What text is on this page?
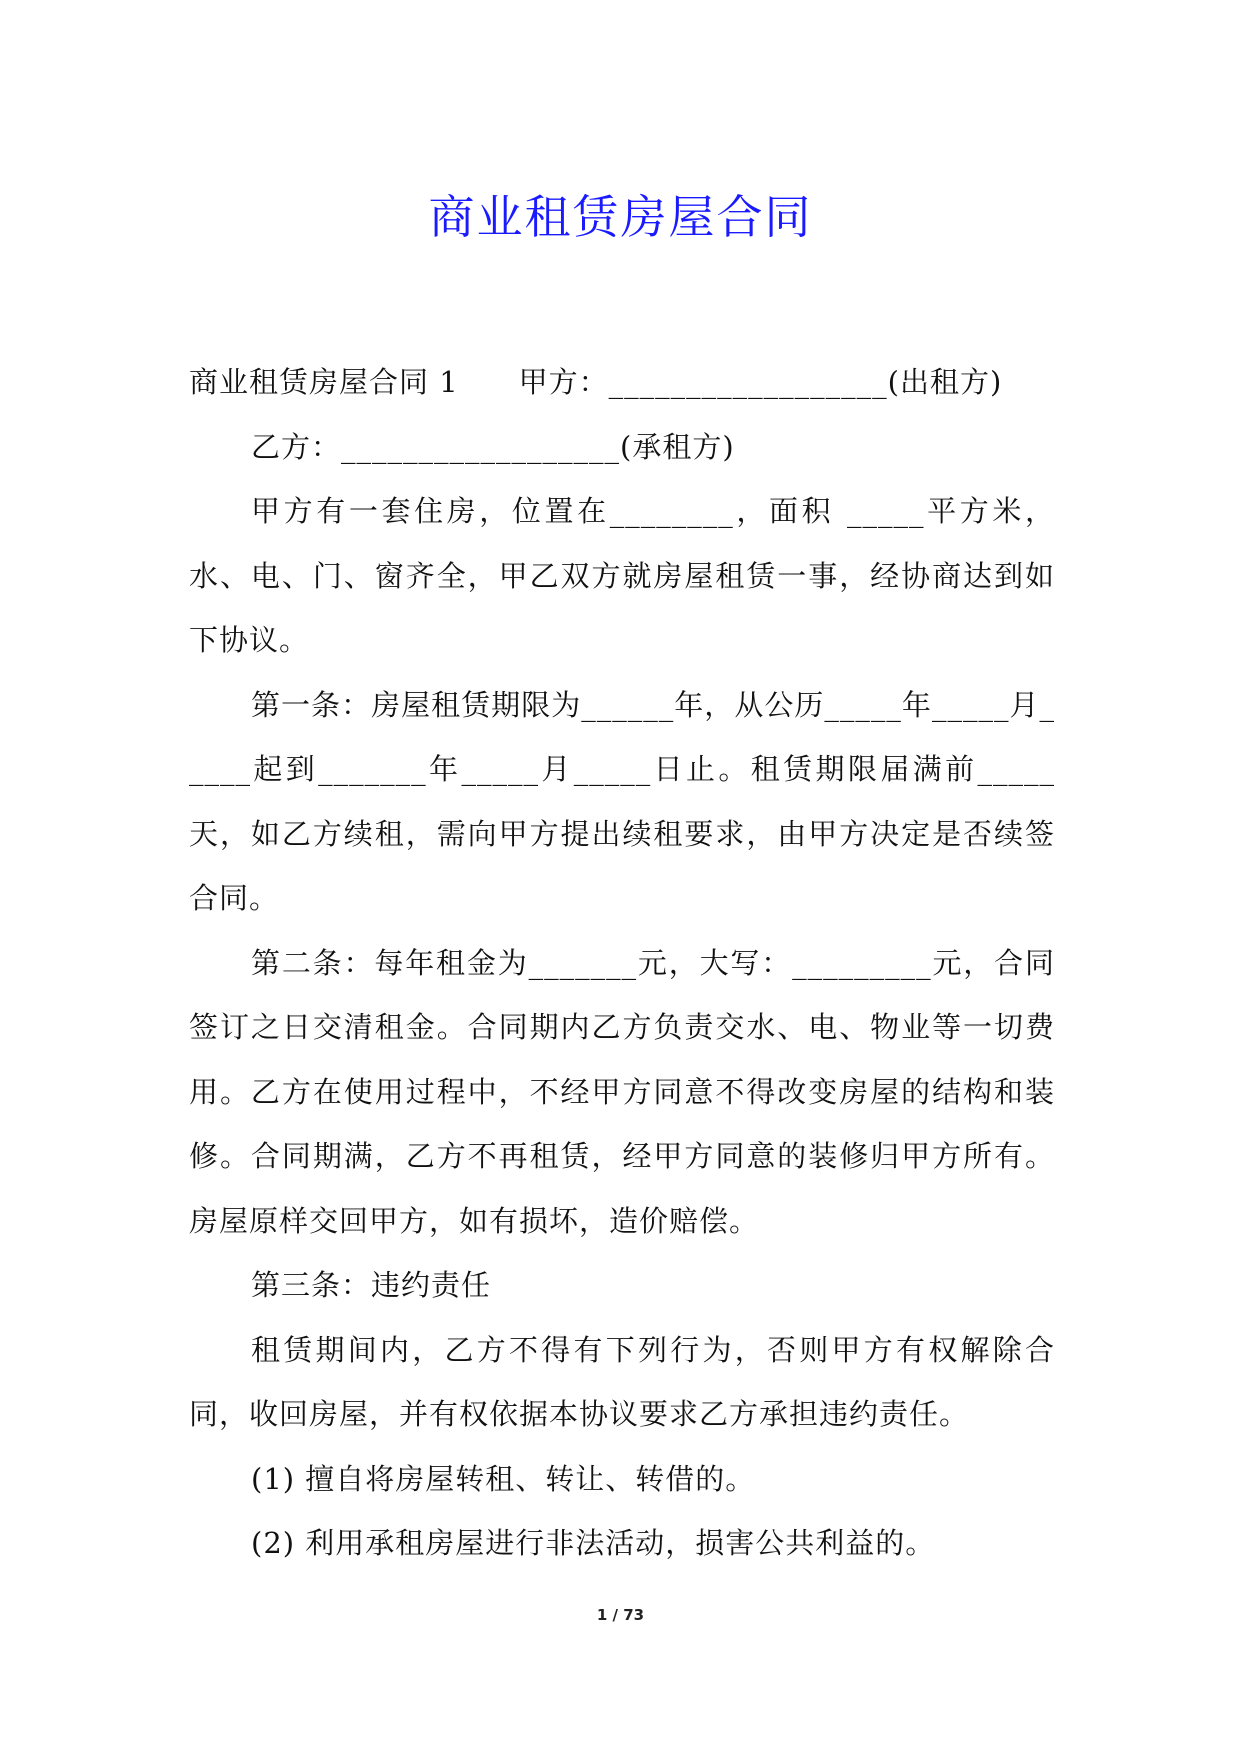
商业租赁房屋合同

商业租赁房屋合同 1　　甲方：__________________(出租方)

乙方：__________________(承租方)

甲方有一套住房，位置在________，面积 _____平方米，水、电、门、窗齐全，甲乙双方就房屋租赁一事，经协商达到如下协议。

第一条：房屋租赁期限为______年，从公历_____年_____月_____起到_______年_____月_____日止。租赁期限届满前_____天，如乙方续租，需向甲方提出续租要求，由甲方决定是否续签合同。

第二条：每年租金为_______元，大写：_________元，合同签订之日交清租金。合同期内乙方负责交水、电、物业等一切费用。乙方在使用过程中，不经甲方同意不得改变房屋的结构和装修。合同期满，乙方不再租赁，经甲方同意的装修归甲方所有。房屋原样交回甲方，如有损坏，造价赔偿。

第三条：违约责任

租赁期间内，乙方不得有下列行为，否则甲方有权解除合同，收回房屋，并有权依据本协议要求乙方承担违约责任。

(1) 擅自将房屋转租、转让、转借的。

(2) 利用承租房屋进行非法活动，损害公共利益的。

1 / 73
